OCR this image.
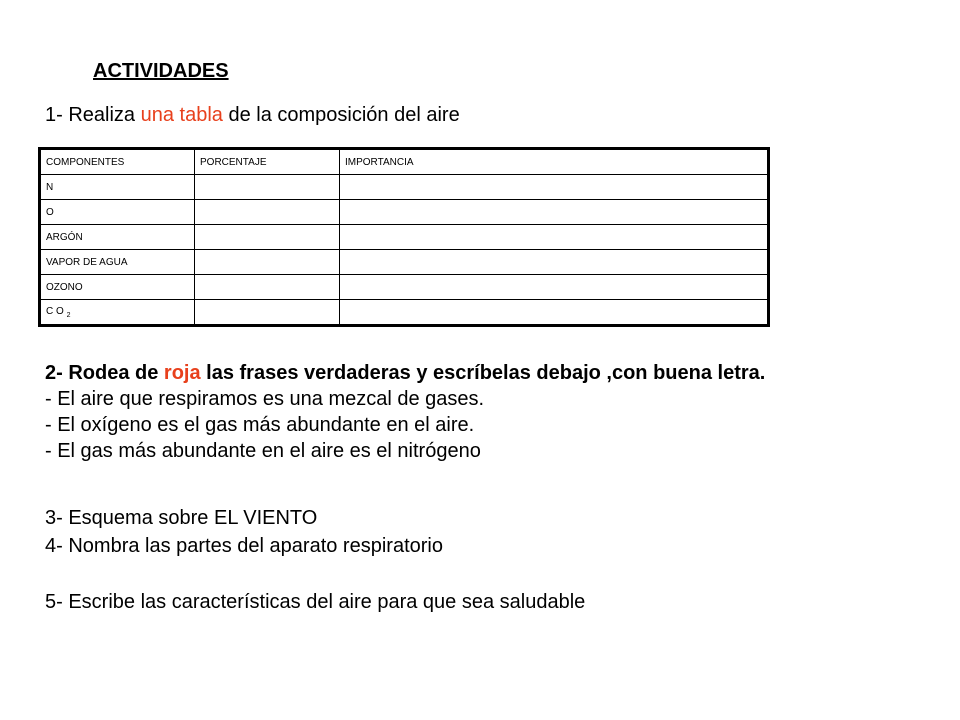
ACTIVIDADES
1- Realiza una tabla de la composición del aire
COMPONENTES	PORCENTAJE	IMPORTANCIA
N		
O		
ARGÓN		
VAPOR DE AGUA		
OZONO		
C O $_2$		
2- Rodea de roja las frases verdaderas y escríbelas debajo ,con buena letra.
- El aire que respiramos es una mezcal de gases.
- El oxígeno es el gas más abundante en el aire.
- El gas más abundante en el aire es el nitrógeno
3- Esquema sobre EL VIENTO
4- Nombra las partes del aparato respiratorio
5- Escribe las características del aire para que sea saludable
